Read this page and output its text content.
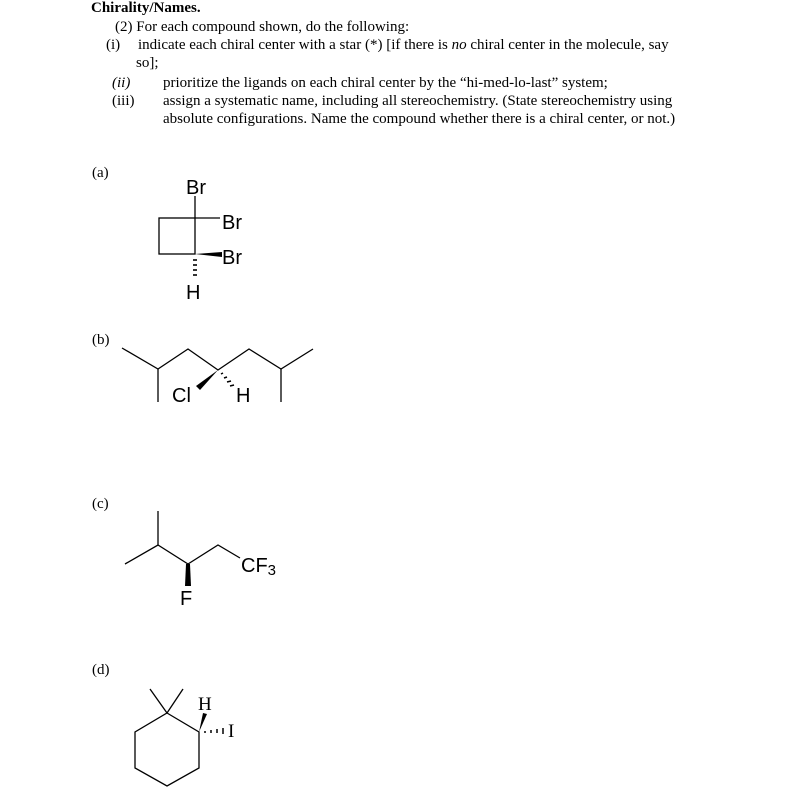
Chirality/Names.
(2) For each compound shown, do the following:
(i) indicate each chiral center with a star (*) [if there is no chiral center in the molecule, say
so];
(ii) prioritize the ligands on each chiral center by the “hi-med-lo-last” system;
(iii) assign a systematic name, including all stereochemistry. (State stereochemistry using
absolute configurations. Name the compound whether there is a chiral center, or not.)
(a)
(b)
(c)
(d)
Br
Br
Br
H
Cl H
CF3
F
H
I
